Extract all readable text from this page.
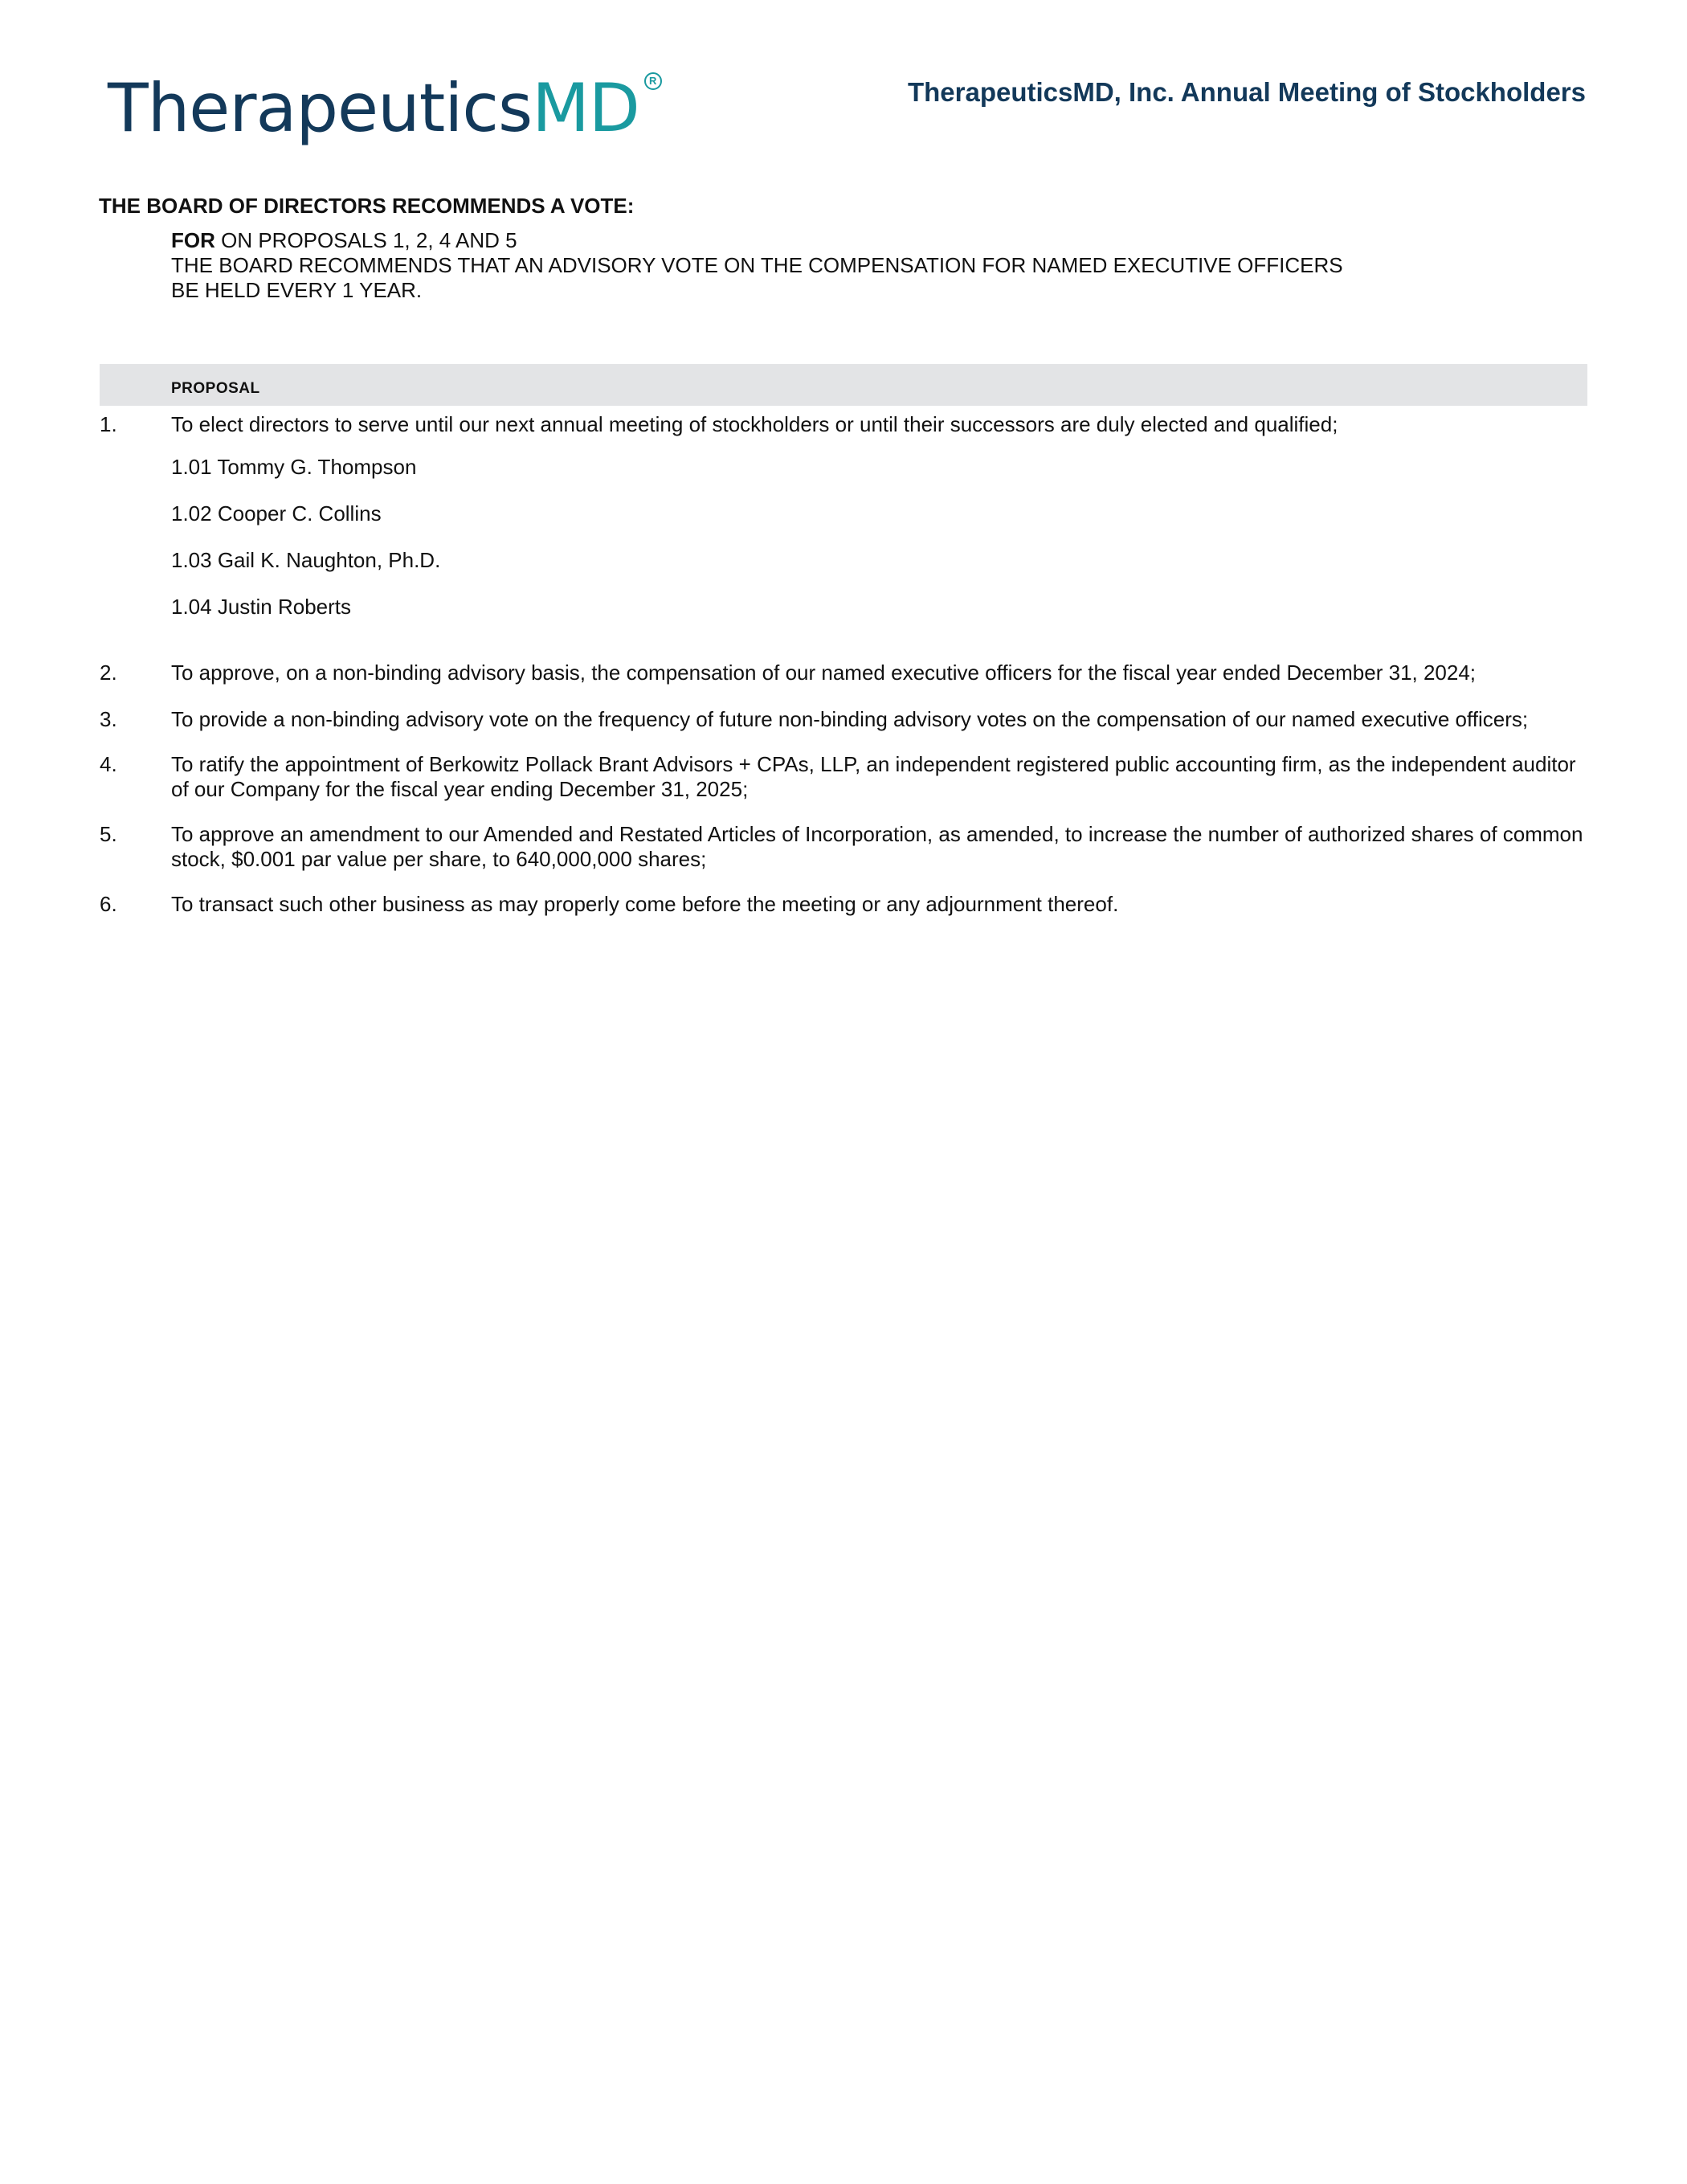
TherapeuticsMD R	TherapeuticsMD, Inc. Annual Meeting of Stockholders
THE BOARD OF DIRECTORS RECOMMENDS A VOTE:
FOR ON PROPOSALS 1, 2, 4 AND 5
THE BOARD RECOMMENDS THAT AN ADVISORY VOTE ON THE COMPENSATION FOR NAMED EXECUTIVE OFFICERS
BE HELD EVERY 1 YEAR.
PROPOSAL
1.	To elect directors to serve until our next annual meeting of stockholders or until their successors are duly elected and qualified;
1.01 Tommy G. Thompson
1.02 Cooper C. Collins
1.03 Gail K. Naughton, Ph.D.
1.04 Justin Roberts
2.	To approve, on a non-binding advisory basis, the compensation of our named executive officers for the fiscal year ended December 31, 2024;
3.	To provide a non-binding advisory vote on the frequency of future non-binding advisory votes on the compensation of our named executive officers;
4.	To ratify the appointment of Berkowitz Pollack Brant Advisors + CPAs, LLP, an independent registered public accounting firm, as the independent auditor of our Company for the fiscal year ending December 31, 2025;
5.	To approve an amendment to our Amended and Restated Articles of Incorporation, as amended, to increase the number of authorized shares of common stock, $0.001 par value per share, to 640,000,000 shares;
6.	To transact such other business as may properly come before the meeting or any adjournment thereof.
